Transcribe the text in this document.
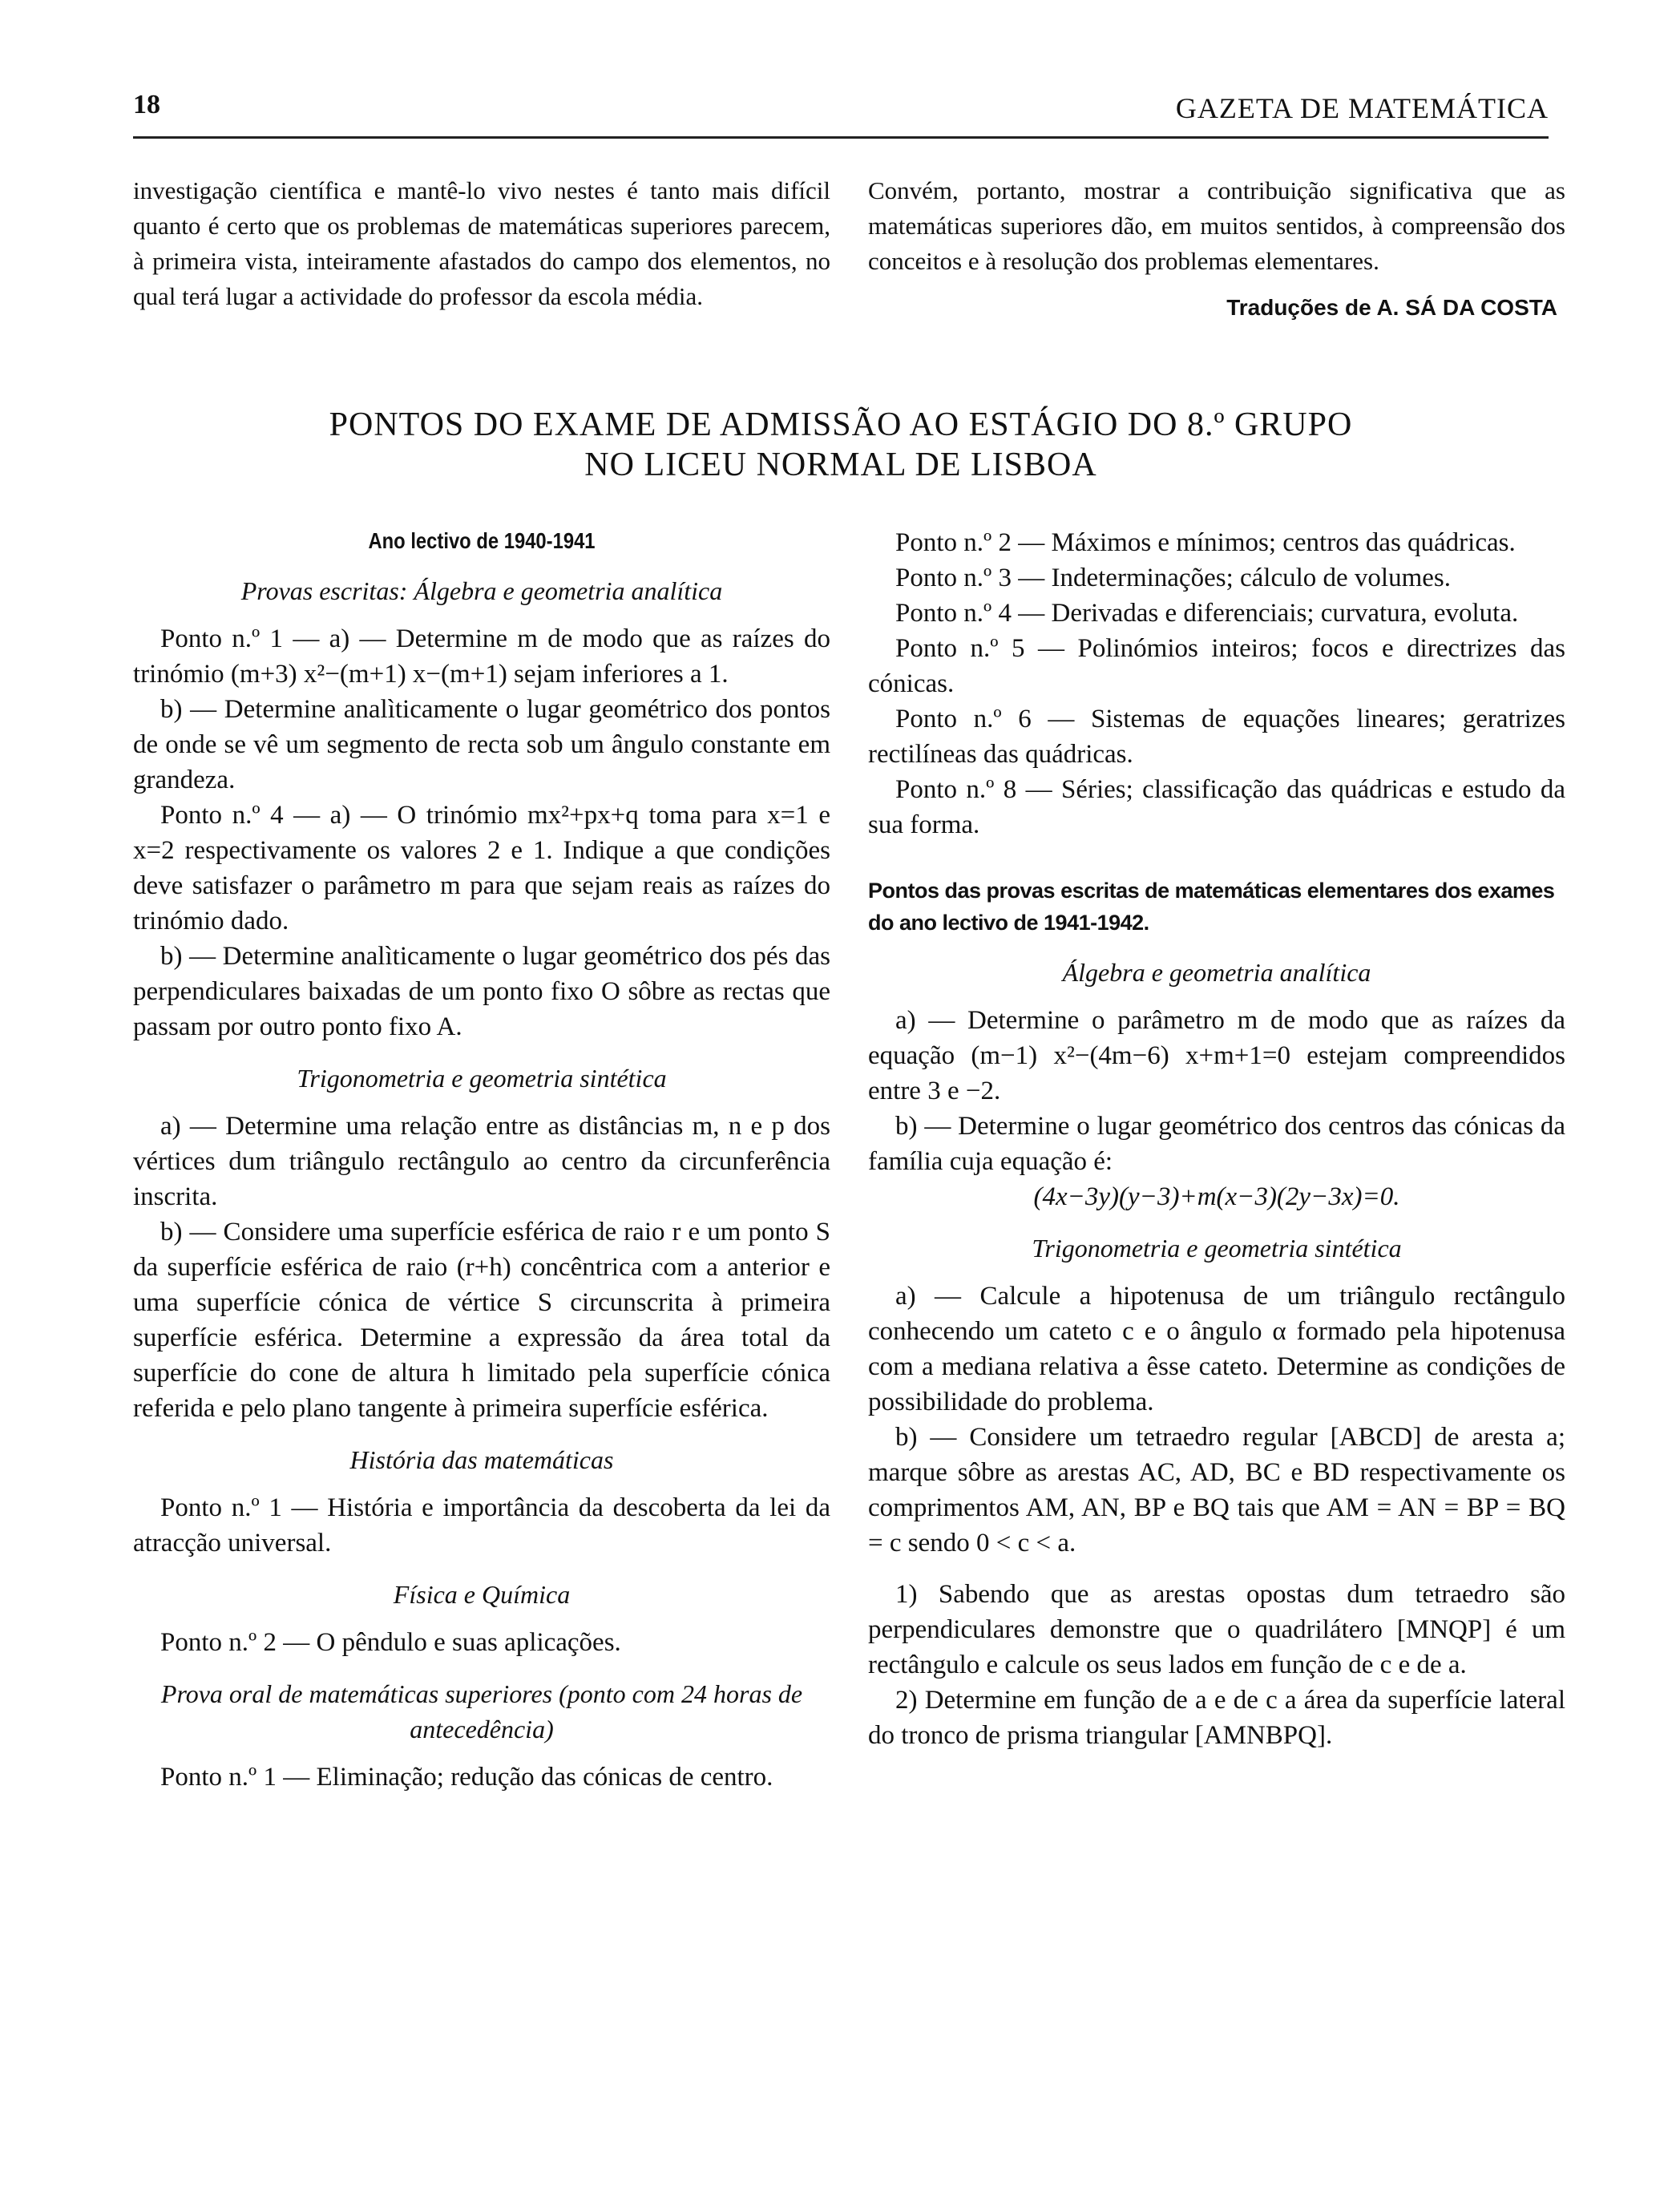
18	GAZETA DE MATEMÁTICA

investigação científica e mantê-lo vivo nestes é tanto mais difícil quanto é certo que os problemas de matemáticas superiores parecem, à primeira vista, inteiramente afastados do campo dos elementos, no qual terá lugar a actividade do professor da escola média.

Convém, portanto, mostrar a contribuição significativa que as matemáticas superiores dão, em muitos sentidos, à compreensão dos conceitos e à resolução dos problemas elementares.

Traduções de A. SÁ DA COSTA

PONTOS DO EXAME DE ADMISSÃO AO ESTÁGIO DO 8.º GRUPO
NO LICEU NORMAL DE LISBOA

Ano lectivo de 1940-1941

Provas escritas: Álgebra e geometria analítica

Ponto n.º 1 — a) — Determine m de modo que as raízes do trinómio (m+3) x²−(m+1) x−(m+1) sejam inferiores a 1.

b) — Determine analìticamente o lugar geométrico dos pontos de onde se vê um segmento de recta sob um ângulo constante em grandeza.

Ponto n.º 4 — a) — O trinómio mx²+px+q toma para x=1 e x=2 respectivamente os valores 2 e 1. Indique a que condições deve satisfazer o parâmetro m para que sejam reais as raízes do trinómio dado.

b) — Determine analìticamente o lugar geométrico dos pés das perpendiculares baixadas de um ponto fixo O sôbre as rectas que passam por outro ponto fixo A.

Trigonometria e geometria sintética

a) — Determine uma relação entre as distâncias m, n e p dos vértices dum triângulo rectângulo ao centro da circunferência inscrita.

b) — Considere uma superfície esférica de raio r e um ponto S da superfície esférica de raio (r+h) concêntrica com a anterior e uma superfície cónica de vértice S circunscrita à primeira superfície esférica. Determine a expressão da área total da superfície do cone de altura h limitado pela superfície cónica referida e pelo plano tangente à primeira superfície esférica.

História das matemáticas

Ponto n.º 1 — História e importância da descoberta da lei da atracção universal.

Física e Química

Ponto n.º 2 — O pêndulo e suas aplicações.

Prova oral de matemáticas superiores (ponto com 24 horas de antecedência)

Ponto n.º 1 — Eliminação; redução das cónicas de centro.

Ponto n.º 2 — Máximos e mínimos; centros das quádricas.

Ponto n.º 3 — Indeterminações; cálculo de volumes.

Ponto n.º 4 — Derivadas e diferenciais; curvatura, evoluta.

Ponto n.º 5 — Polinómios inteiros; focos e directrizes das cónicas.

Ponto n.º 6 — Sistemas de equações lineares; geratrizes rectilíneas das quádricas.

Ponto n.º 8 — Séries; classificação das quádricas e estudo da sua forma.

Pontos das provas escritas de matemáticas elementares dos exames do ano lectivo de 1941-1942.

Álgebra e geometria analítica

a) — Determine o parâmetro m de modo que as raízes da equação (m−1) x²−(4m−6) x+m+1=0 estejam compreendidos entre 3 e −2.

b) — Determine o lugar geométrico dos centros das cónicas da família cuja equação é:

(4x−3y)(y−3)+m(x−3)(2y−3x)=0.

Trigonometria e geometria sintética

a) — Calcule a hipotenusa de um triângulo rectângulo conhecendo um cateto c e o ângulo α formado pela hipotenusa com a mediana relativa a êsse cateto. Determine as condições de possibilidade do problema.

b) — Considere um tetraedro regular [ABCD] de aresta a; marque sôbre as arestas AC, AD, BC e BD respectivamente os comprimentos AM, AN, BP e BQ tais que AM = AN = BP = BQ = c sendo 0 < c < a.

1) Sabendo que as arestas opostas dum tetraedro são perpendiculares demonstre que o quadrilátero [MNQP] é um rectângulo e calcule os seus lados em função de c e de a.

2) Determine em função de a e de c a área da superfície lateral do tronco de prisma triangular [AMNBPQ].
